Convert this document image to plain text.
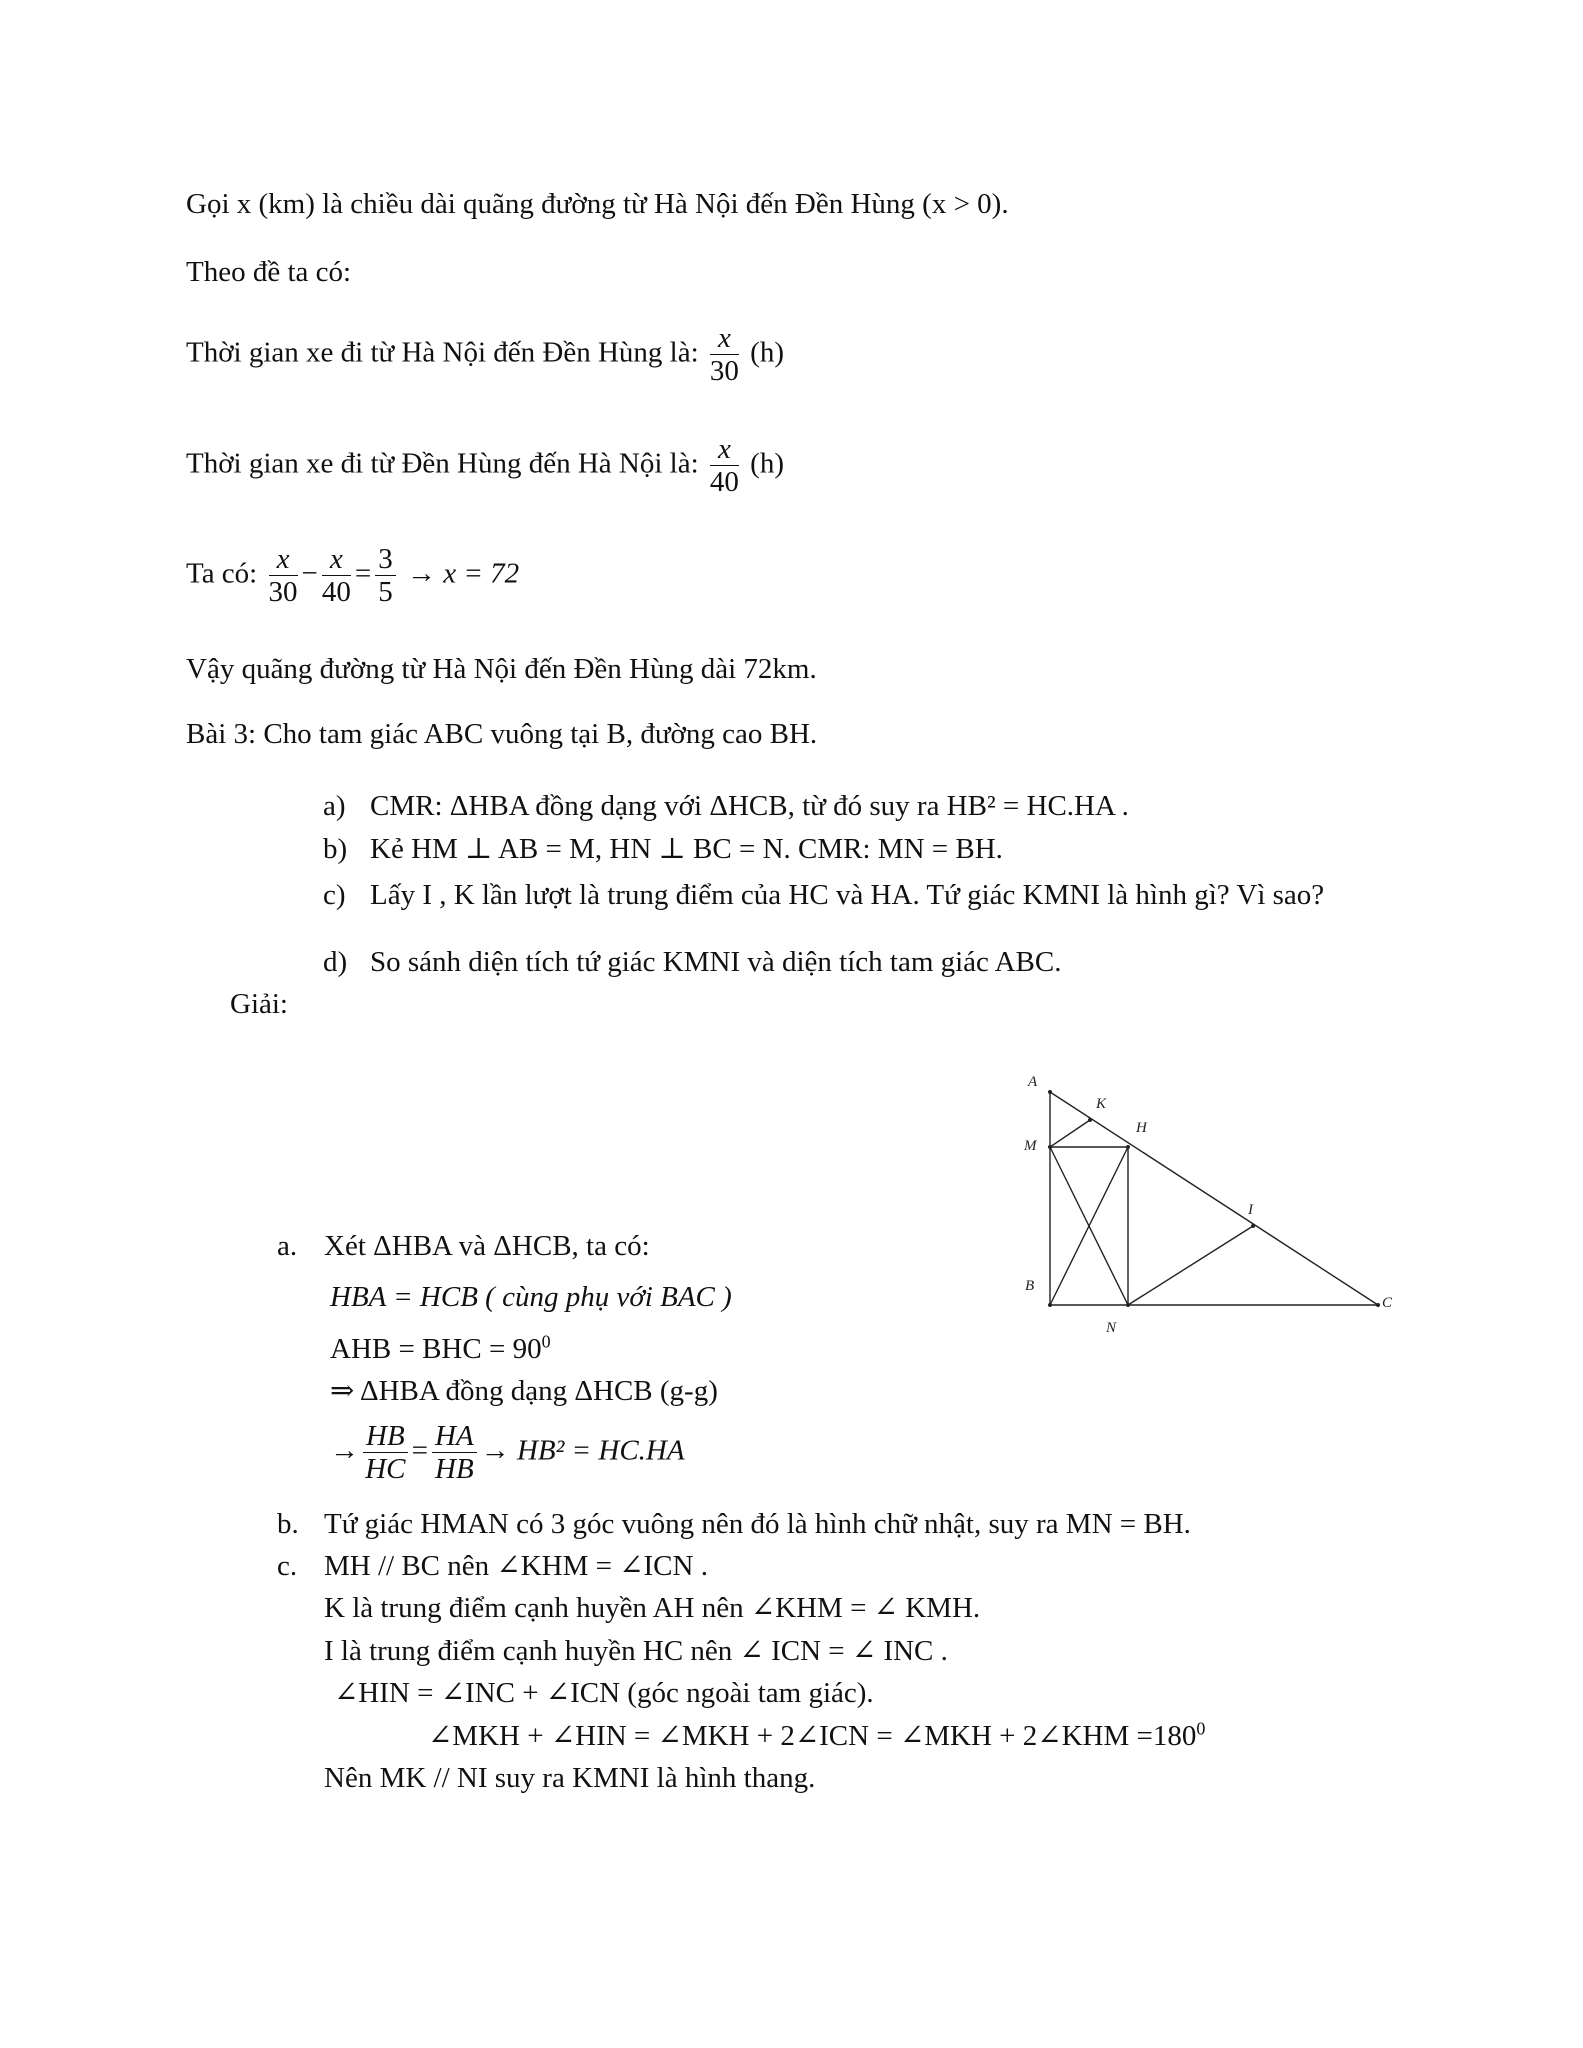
Gọi x (km) là chiều dài quãng đường từ Hà Nội đến Đền Hùng (x > 0).
Theo đề ta có:
Thời gian xe đi từ Hà Nội đến Đền Hùng là: $\frac{x}{30} (h)$
Thời gian xe đi từ Đền Hùng đến Hà Nội là: $\frac{x}{40} (h)$
Ta có: $\frac{x}{30} - \frac{x}{40} = \frac{3}{5} \to x = 72$
Vậy quãng đường từ Hà Nội đến Đền Hùng dài 72km.
Bài 3: Cho tam giác ABC vuông tại B, đường cao BH.
a) CMR: ΔHBA đồng dạng với ΔHCB, từ đó suy ra HB² = HC.HA .
b) Kẻ HM ⊥ AB = M, HN ⊥ BC = N. CMR: MN = BH.
c) Lấy I , K lần lượt là trung điểm của HC và HA. Tứ giác KMNI là hình gì? Vì sao?
d) So sánh diện tích tứ giác KMNI và diện tích tam giác ABC.
Giải:
A
K
M
H
I
B
N
C
a. Xét ΔHBA và ΔHCB, ta có:
HBA = HCB ( cùng phụ với BAC )
AHB = BHC = $90^0$
⇒ ΔHBA đồng dạng ΔHCB (g-g)
→ $\frac{HB}{HC} = \frac{HA}{HB} \to HB^2 = HC.HA$
b. Tứ giác HMAN có 3 góc vuông nên đó là hình chữ nhật, suy ra MN = BH.
c. MH // BC nên ∠KHM = ∠ICN .
K là trung điểm cạnh huyền AH nên ∠KHM = ∠ KMH.
I là trung điểm cạnh huyền HC nên ∠ ICN = ∠ INC .
∠HIN = ∠INC + ∠ICN (góc ngoài tam giác).
∠MKH + ∠HIN = ∠MKH + 2∠ICN = ∠MKH + 2∠KHM $=180^0$
Nên MK // NI suy ra KMNI là hình thang.
